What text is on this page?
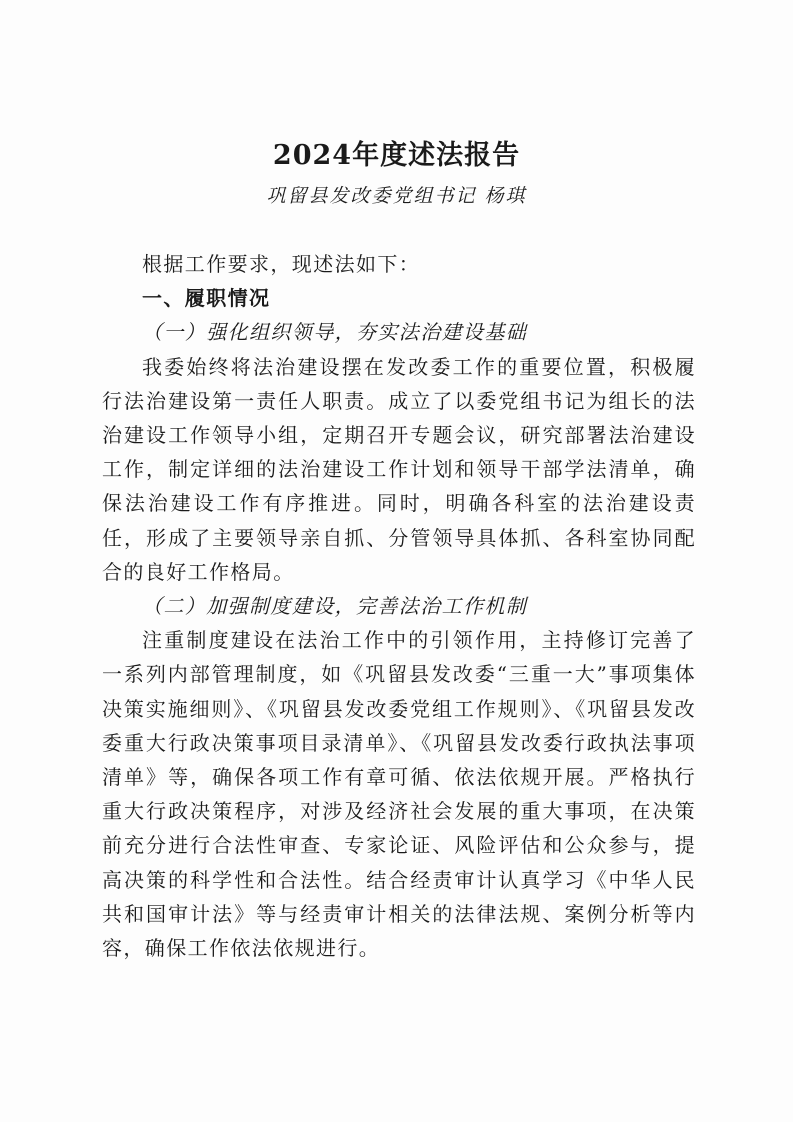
2024年度述法报告

巩留县发改委党组书记 杨琪

根据工作要求，现述法如下：

一、履职情况

（一）强化组织领导，夯实法治建设基础

我委始终将法治建设摆在发改委工作的重要位置，积极履行法治建设第一责任人职责。成立了以委党组书记为组长的法治建设工作领导小组，定期召开专题会议，研究部署法治建设工作，制定详细的法治建设工作计划和领导干部学法清单，确保法治建设工作有序推进。同时，明确各科室的法治建设责任，形成了主要领导亲自抓、分管领导具体抓、各科室协同配合的良好工作格局。

（二）加强制度建设，完善法治工作机制

注重制度建设在法治工作中的引领作用，主持修订完善了一系列内部管理制度，如《巩留县发改委“三重一大”事项集体决策实施细则》、《巩留县发改委党组工作规则》、《巩留县发改委重大行政决策事项目录清单》、《巩留县发改委行政执法事项清单》等，确保各项工作有章可循、依法依规开展。严格执行重大行政决策程序，对涉及经济社会发展的重大事项，在决策前充分进行合法性审查、专家论证、风险评估和公众参与，提高决策的科学性和合法性。结合经责审计认真学习《中华人民共和国审计法》等与经责审计相关的法律法规、案例分析等内容，确保工作依法依规进行。
